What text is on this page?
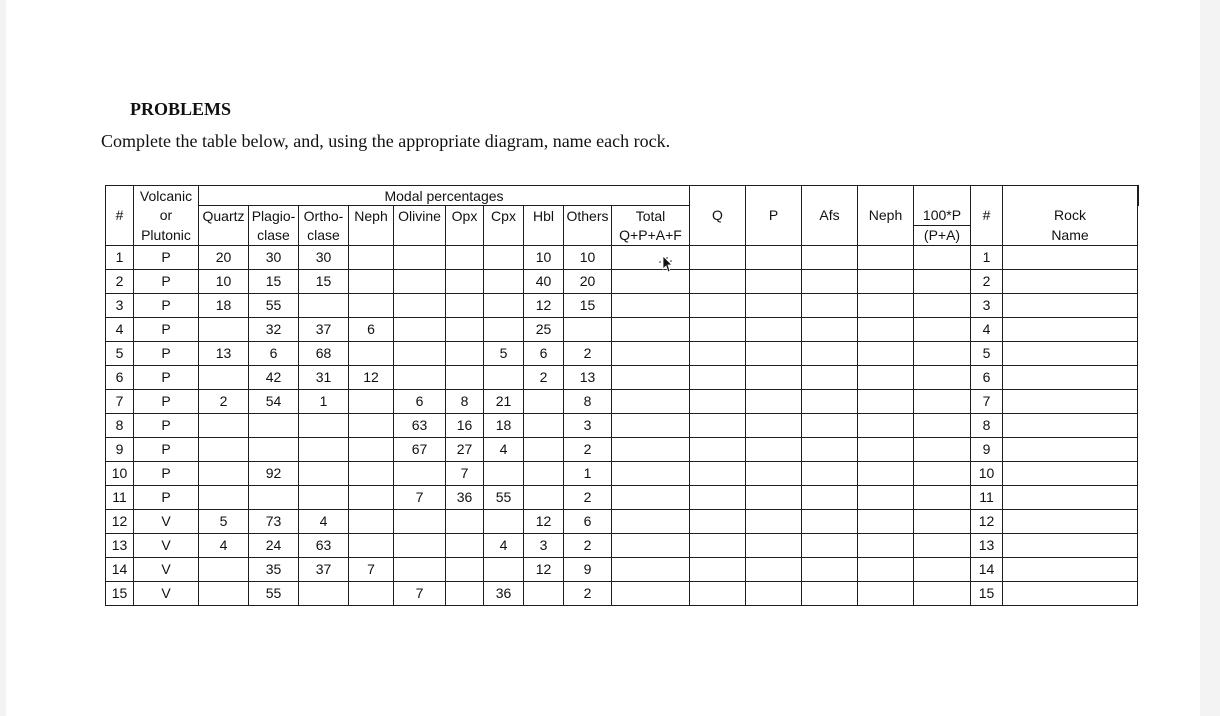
PROBLEMS
Complete the table below, and, using the appropriate diagram, name each rock.
	Volcanic	Modal percentages																	
#	or	Quartz	Plagio-	Ortho-	Neph	Olivine	Opx	Cpx	Hbl	Others	Total	Q	P	Afs	Neph	100*P	#	Rock	
	Plutonic		clase	clase							Q+P+A+F					(P+A)		Name	
1	P	20	30	30					10	10							1		
2	P	10	15	15					40	20							2		
3	P	18	55						12	15							3		
4	P		32	37	6				25								4		
5	P	13	6	68				5	6	2							5		
6	P		42	31	12				2	13							6		
7	P	2	54	1		6	8	21		8							7		
8	P					63	16	18		3							8		
9	P					67	27	4		2							9		
10	P		92				7			1							10		
11	P					7	36	55		2							11		
12	V	5	73	4					12	6							12		
13	V	4	24	63				4	3	2							13		
14	V		35	37	7				12	9							14		
15	V		55			7		36		2							15		
